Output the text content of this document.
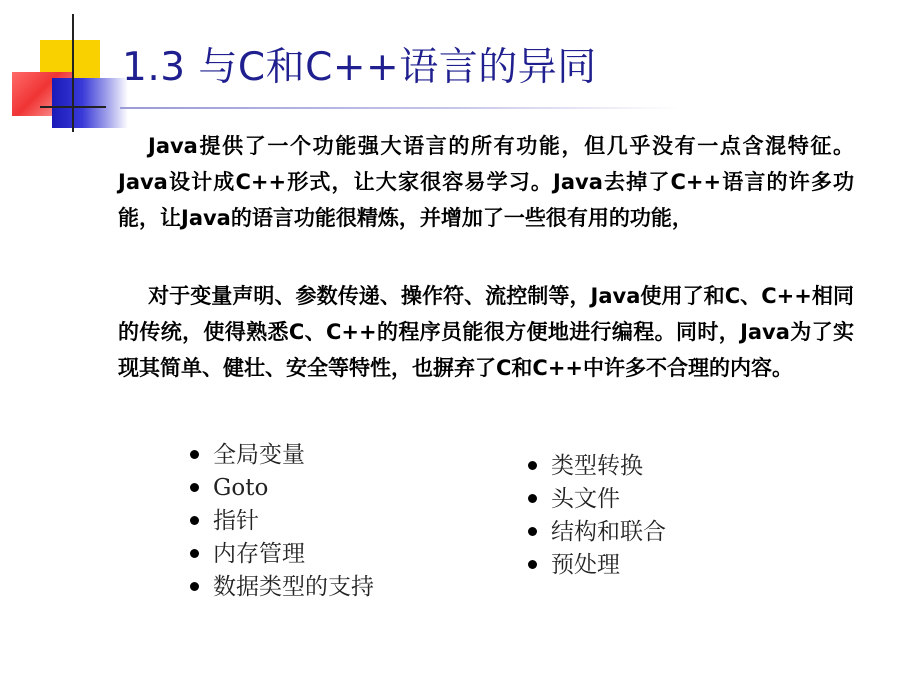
1.3 与C和C++语言的异同
Java提供了一个功能强大语言的所有功能，但几乎没有一点含混特征。Java设计成C++形式，让大家很容易学习。Java去掉了C++语言的许多功能，让Java的语言功能很精炼，并增加了一些很有用的功能，
对于变量声明、参数传递、操作符、流控制等，Java使用了和C、C++相同的传统，使得熟悉C、C++的程序员能很方便地进行编程。同时，Java为了实现其简单、健壮、安全等特性，也摒弃了C和C++中许多不合理的内容。
全局变量
Goto
指针
内存管理
数据类型的支持
类型转换
头文件
结构和联合
预处理
